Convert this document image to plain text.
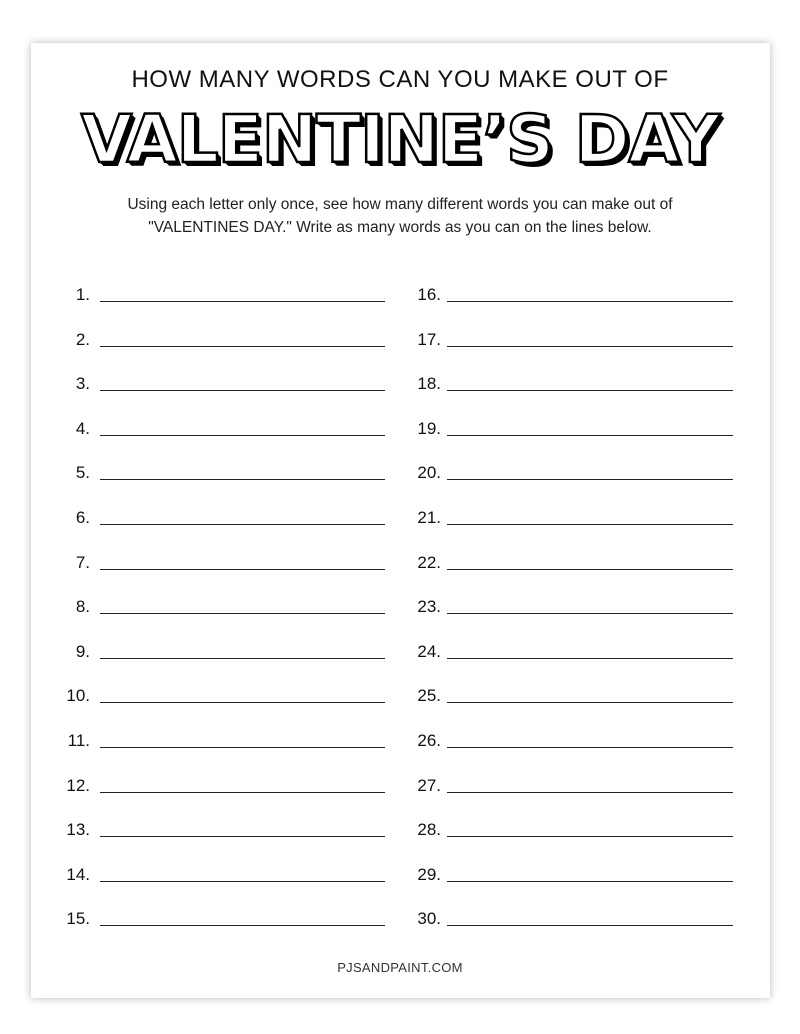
HOW MANY WORDS CAN YOU MAKE OUT OF
VALENTINE’S DAY
Using each letter only once, see how many different words you can make out of
"VALENTINES DAY." Write as many words as you can on the lines below.
1.	16.
2.	17.
3.	18.
4.	19.
5.	20.
6.	21.
7.	22.
8.	23.
9.	24.
10.	25.
11.	26.
12.	27.
13.	28.
14.	29.
15.	30.
PJSANDPAINT.COM
